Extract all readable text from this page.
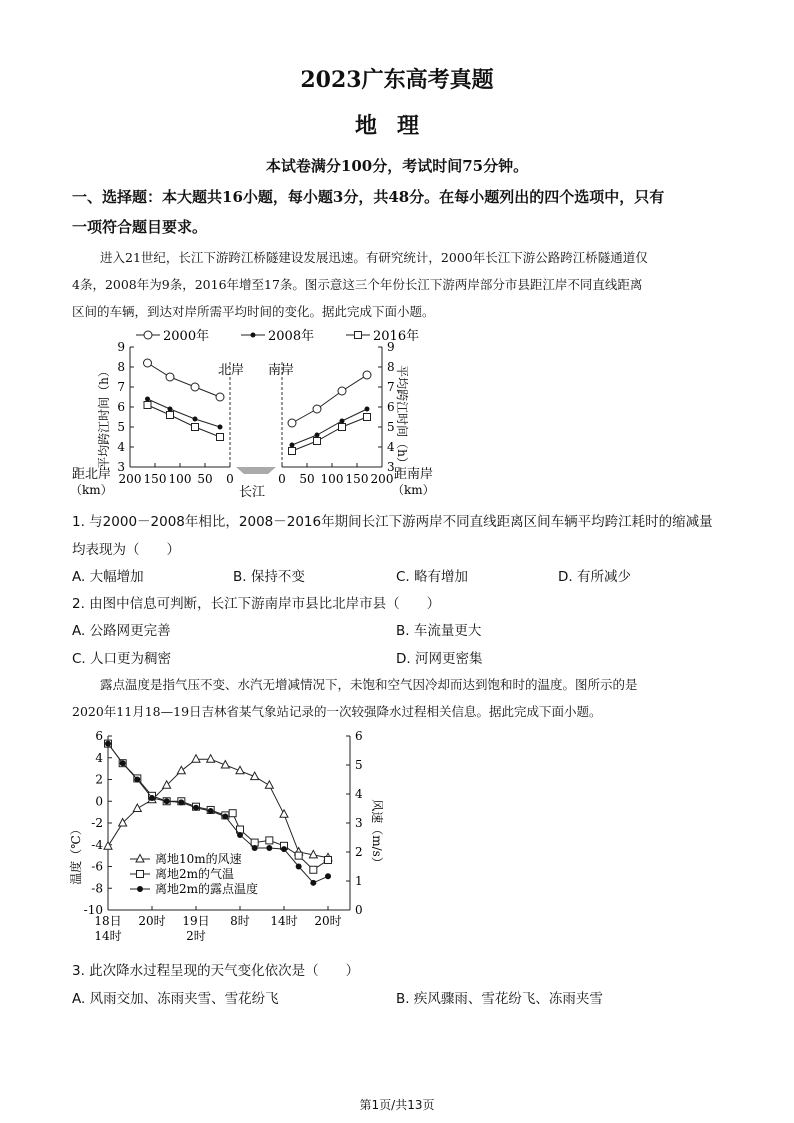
2023广东高考真题
地理
本试卷满分100分，考试时间75分钟。
一、选择题：本大题共16小题，每小题3分，共48分。在每小题列出的四个选项中，只有
一项符合题目要求。
进入21世纪，长江下游跨江桥隧建设发展迅速。有研究统计，2000年长江下游公路跨江桥隧通道仅
4条，2008年为9条，2016年增至17条。图示意这三个年份长江下游两岸部分市县距江岸不同直线距离
区间的车辆，到达对岸所需平均时间的变化。据此完成下面小题。
2000年	2008年	2016年
3	3
4	4
5	5
6	6
7	7
8	8
9	9
200 150 100 50 0	0 50 100 150 200
北岸 南岸
长江
距北岸
（km）
距南岸
（km）
平均跨江时间（h）	平均跨江时间（h）
1. 与2000－2008年相比，2008－2016年期间长江下游两岸不同直线距离区间车辆平均跨江耗时的缩减量
均表现为（　　）
A. 大幅增加	B. 保持不变	C. 略有增加	D. 有所减少
2. 由图中信息可判断，长江下游南岸市县比北岸市县（　　）
A. 公路网更完善	B. 车流量更大
C. 人口更为稠密	D. 河网更密集
露点温度是指气压不变、水汽无增减情况下，未饱和空气因冷却而达到饱和时的温度。图所示的是
2020年11月18—19日吉林省某气象站记录的一次较强降水过程相关信息。据此完成下面小题。
6
4
2
0
-2
-4
-6
-8
-10
6
5
4
3
2
1
0
18日
14时
20时 19日
2时
8时 14时 20时
离地10m的风速
离地2m的气温
离地2m的露点温度
温度（℃）	风速（m/s）
3. 此次降水过程呈现的天气变化依次是（　　）
A. 风雨交加、冻雨夹雪、雪花纷飞	B. 疾风骤雨、雪花纷飞、冻雨夹雪
第1页/共13页
